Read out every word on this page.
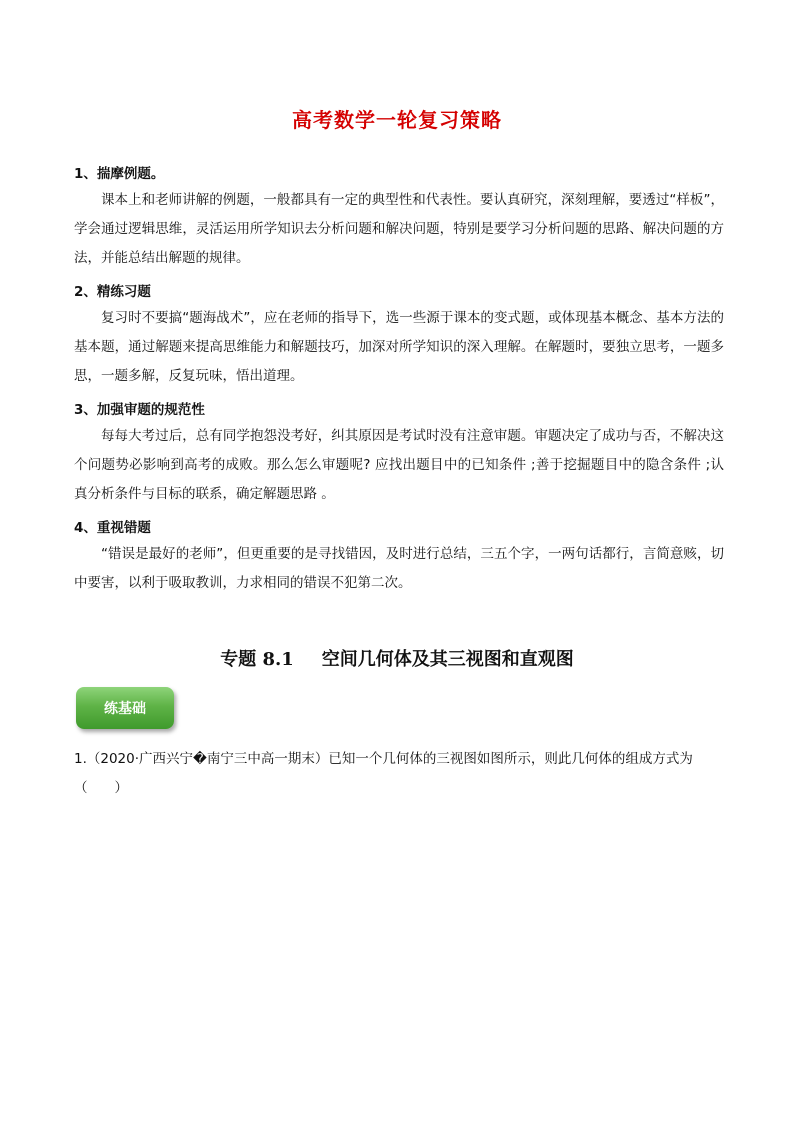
高考数学一轮复习策略
1、揣摩例题。
课本上和老师讲解的例题，一般都具有一定的典型性和代表性。要认真研究，深刻理解，要透过“样板”，学会通过逻辑思维，灵活运用所学知识去分析问题和解决问题，特别是要学习分析问题的思路、解决问题的方法，并能总结出解题的规律。
2、精练习题
复习时不要搞“题海战术”，应在老师的指导下，选一些源于课本的变式题，或体现基本概念、基本方法的基本题，通过解题来提高思维能力和解题技巧，加深对所学知识的深入理解。在解题时，要独立思考，一题多思，一题多解，反复玩味，悟出道理。
3、加强审题的规范性
每每大考过后，总有同学抱怨没考好，纠其原因是考试时没有注意审题。审题决定了成功与否，不解决这个问题势必影响到高考的成败。那么怎么审题呢? 应找出题目中的已知条件 ;善于挖掘题目中的隐含条件 ;认真分析条件与目标的联系，确定解题思路 。
4、重视错题
“错误是最好的老师”，但更重要的是寻找错因，及时进行总结，三五个字，一两句话都行，言简意赅，切中要害，以利于吸取教训，力求相同的错误不犯第二次。
专题 8.1 空间几何体及其三视图和直观图
练基础
1.（2020·广西兴宁�南宁三中高一期末）已知一个几何体的三视图如图所示，则此几何体的组成方式为
（　　）
